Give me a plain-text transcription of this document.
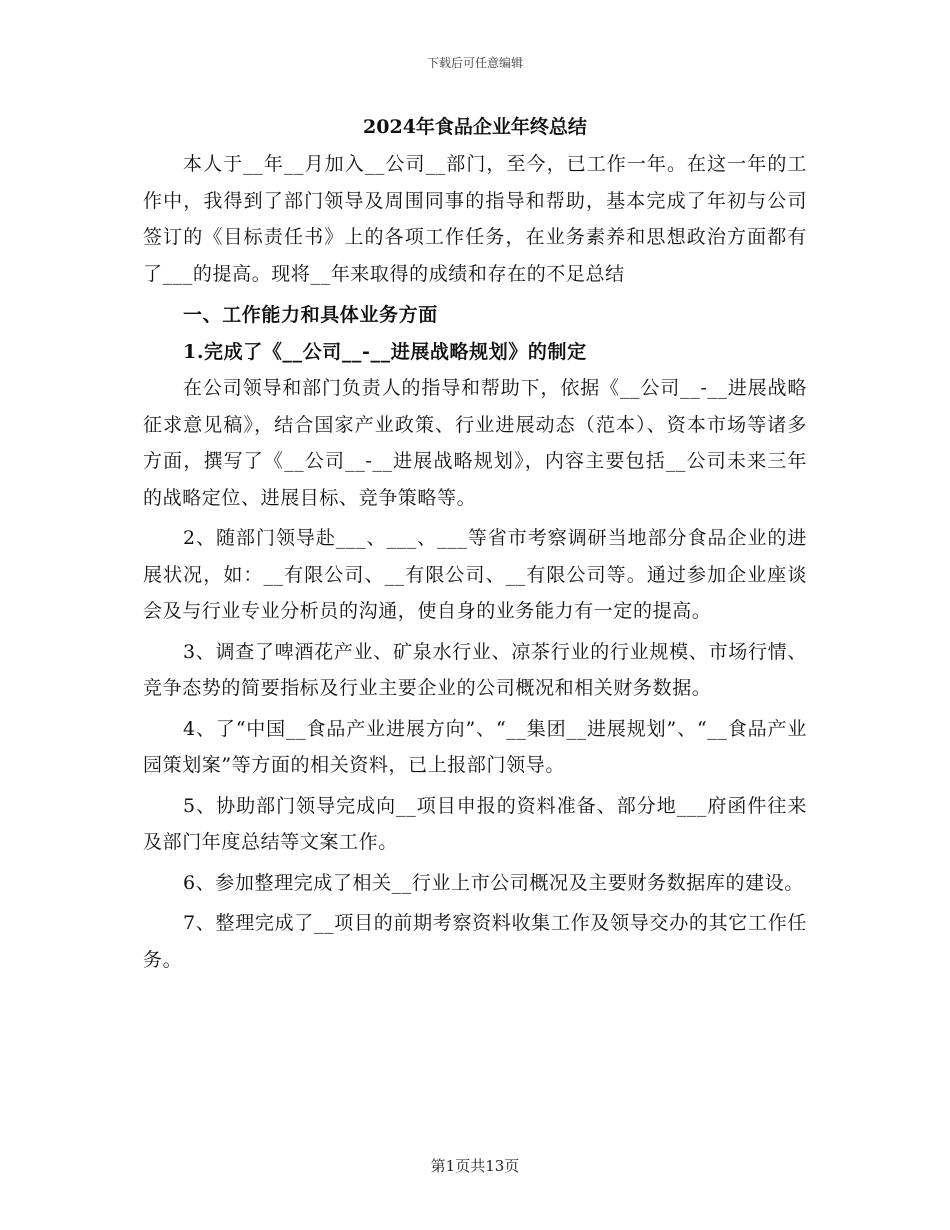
下载后可任意编辑
2024年食品企业年终总结

本人于__年__月加入__公司__部门，至今，已工作一年。在这一年的工作中，我得到了部门领导及周围同事的指导和帮助，基本完成了年初与公司签订的《目标责任书》上的各项工作任务，在业务素养和思想政治方面都有了___的提高。现将__年来取得的成绩和存在的不足总结

一、工作能力和具体业务方面

1.完成了《__公司__-__进展战略规划》的制定

在公司领导和部门负责人的指导和帮助下，依据《__公司__-__进展战略征求意见稿》，结合国家产业政策、行业进展动态（范本）、资本市场等诸多方面，撰写了《__公司__-__进展战略规划》，内容主要包括__公司未来三年的战略定位、进展目标、竞争策略等。

2、随部门领导赴___、___、___等省市考察调研当地部分食品企业的进展状况，如：__有限公司、__有限公司、__有限公司等。通过参加企业座谈会及与行业专业分析员的沟通，使自身的业务能力有一定的提高。

3、调查了啤酒花产业、矿泉水行业、凉茶行业的行业规模、市场行情、竞争态势的简要指标及行业主要企业的公司概况和相关财务数据。

4、了“中国__食品产业进展方向”、“__集团__进展规划”、“__食品产业园策划案”等方面的相关资料，已上报部门领导。

5、协助部门领导完成向__项目申报的资料准备、部分地___府函件往来及部门年度总结等文案工作。

6、参加整理完成了相关__行业上市公司概况及主要财务数据库的建设。

7、整理完成了__项目的前期考察资料收集工作及领导交办的其它工作任务。

第1页共13页
